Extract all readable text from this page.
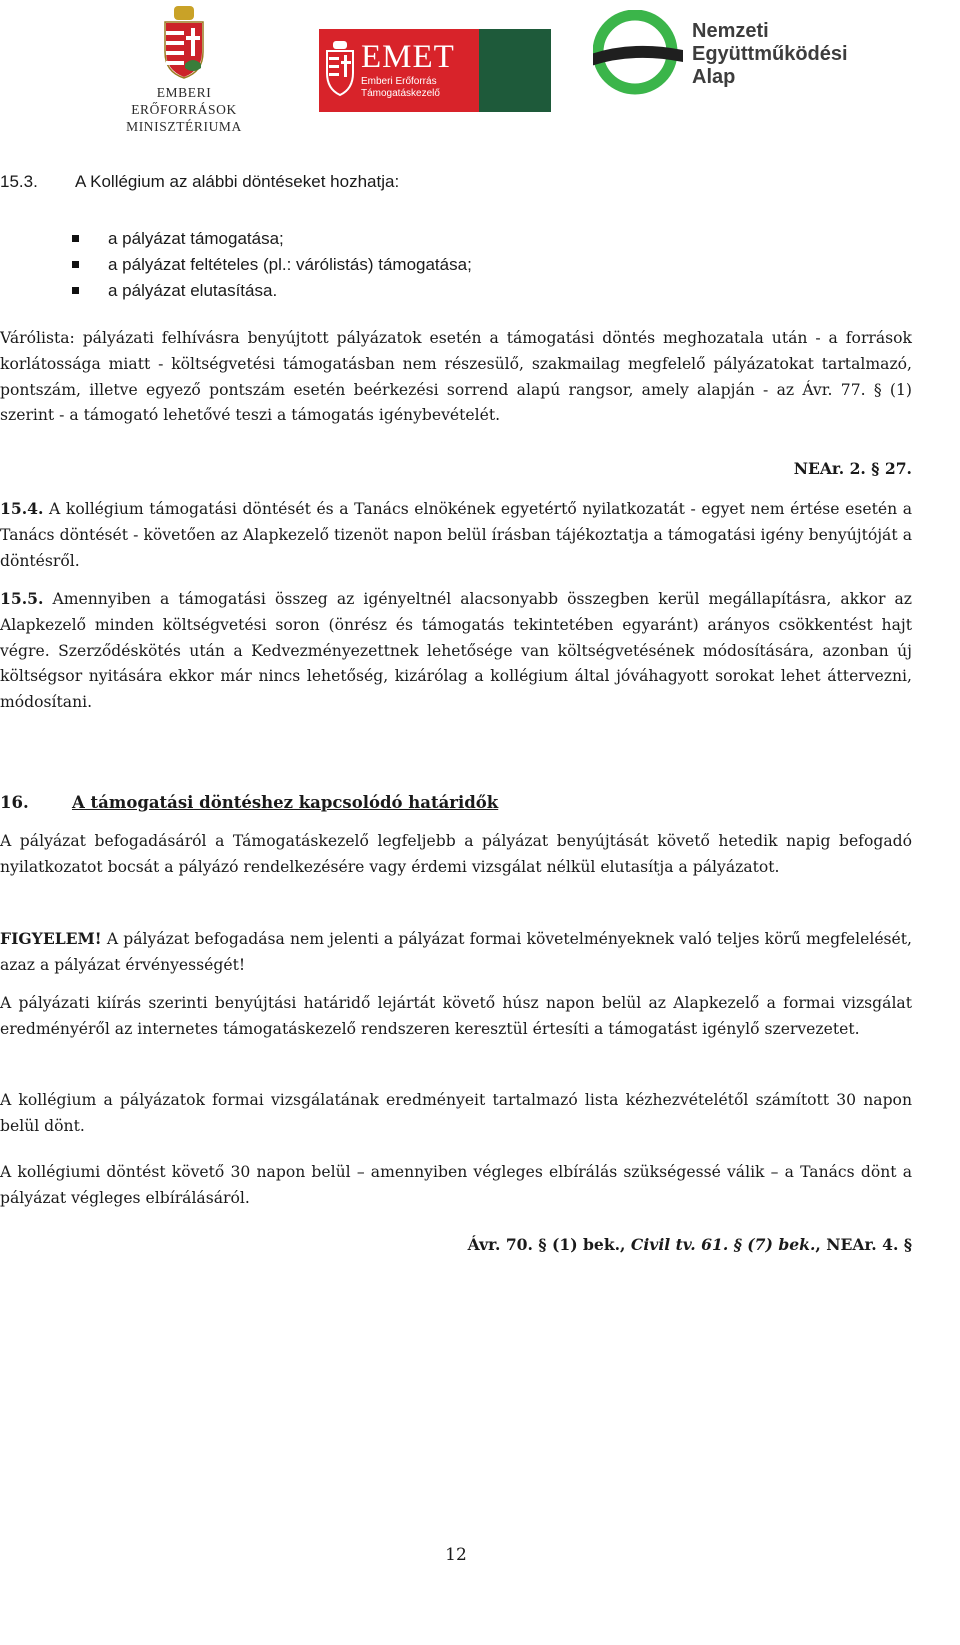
EMBERI ERŐFORRÁSOK
MINISZTÉRIUMA
EMET
Emberi Erőforrás
Támogatáskezelő
Nemzeti
Együttműködési
Alap

15.3. A Kollégium az alábbi döntéseket hozhatja:

a pályázat támogatása;
a pályázat feltételes (pl.: várólistás) támogatása;
a pályázat elutasítása.

Várólista: pályázati felhívásra benyújtott pályázatok esetén a támogatási döntés meghozatala után - a források korlátossága miatt - költségvetési támogatásban nem részesülő, szakmailag megfelelő pályázatokat tartalmazó, pontszám, illetve egyező pontszám esetén beérkezési sorrend alapú rangsor, amely alapján - az Ávr. 77. § (1) szerint - a támogató lehetővé teszi a támogatás igénybevételét.

NEAr. 2. § 27.

15.4. A kollégium támogatási döntését és a Tanács elnökének egyetértő nyilatkozatát - egyet nem értése esetén a Tanács döntését - követően az Alapkezelő tizenöt napon belül írásban tájékoztatja a támogatási igény benyújtóját a döntésről.

15.5. Amennyiben a támogatási összeg az igényeltnél alacsonyabb összegben kerül megállapításra, akkor az Alapkezelő minden költségvetési soron (önrész és támogatás tekintetében egyaránt) arányos csökkentést hajt végre. Szerződéskötés után a Kedvezményezettnek lehetősége van költségvetésének módosítására, azonban új költségsor nyitására ekkor már nincs lehetőség, kizárólag a kollégium által jóváhagyott sorokat lehet áttervezni, módosítani.

16.	A támogatási döntéshez kapcsolódó határidők

A pályázat befogadásáról a Támogatáskezelő legfeljebb a pályázat benyújtását követő hetedik napig befogadó nyilatkozatot bocsát a pályázó rendelkezésére vagy érdemi vizsgálat nélkül elutasítja a pályázatot.

FIGYELEM! A pályázat befogadása nem jelenti a pályázat formai követelményeknek való teljes körű megfelelését, azaz a pályázat érvényességét!

A pályázati kiírás szerinti benyújtási határidő lejártát követő húsz napon belül az Alapkezelő a formai vizsgálat eredményéről az internetes támogatáskezelő rendszeren keresztül értesíti a támogatást igénylő szervezetet.

A kollégium a pályázatok formai vizsgálatának eredményeit tartalmazó lista kézhezvételétől számított 30 napon belül dönt.

A kollégiumi döntést követő 30 napon belül – amennyiben végleges elbírálás szükségessé válik – a Tanács dönt a pályázat végleges elbírálásáról.

Ávr. 70. § (1) bek., Civil tv. 61. § (7) bek., NEAr. 4. §

12
